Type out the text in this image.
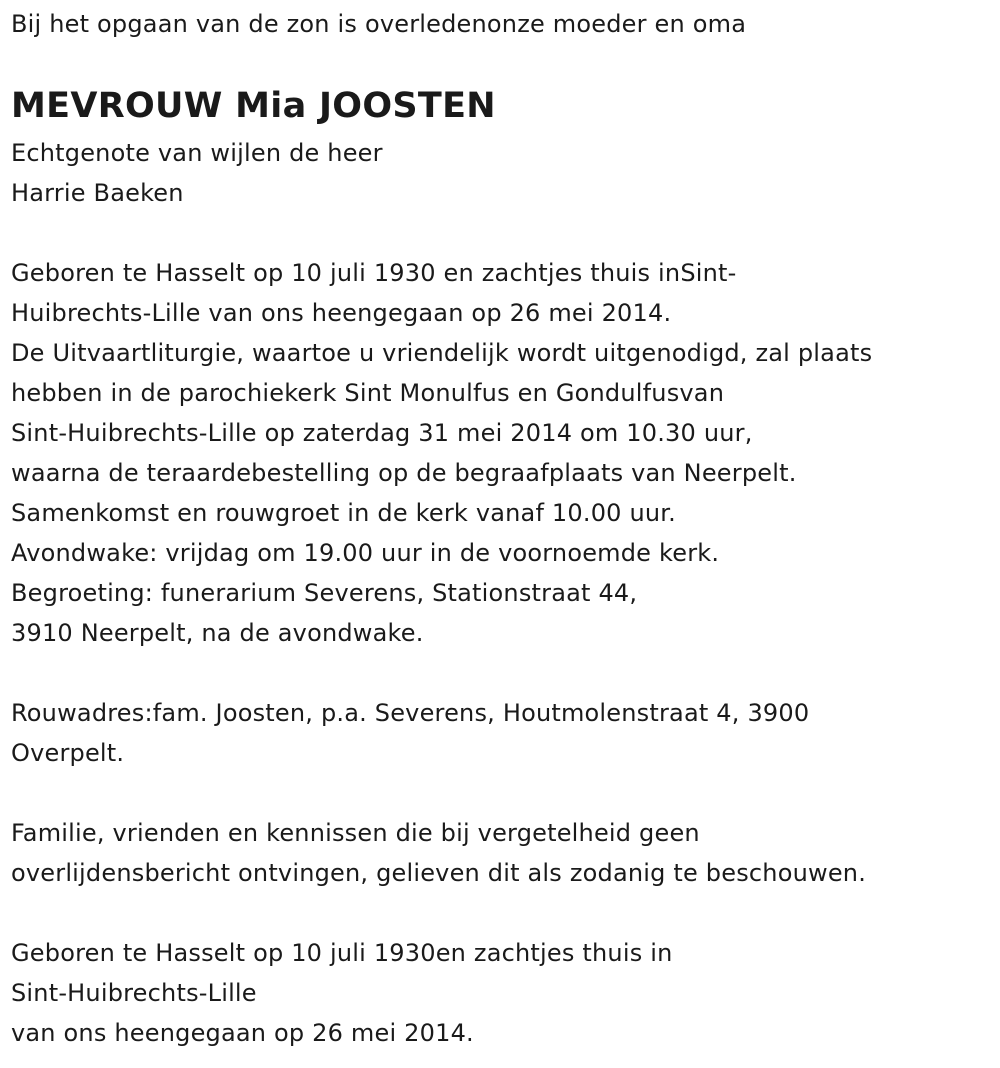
Bij het opgaan van de zon is overledenonze moeder en oma
MEVROUW Mia JOOSTEN
Echtgenote van wijlen de heer
Harrie Baeken
Geboren te Hasselt op 10 juli 1930 en zachtjes thuis inSint-
Huibrechts-Lille van ons heengegaan op 26 mei 2014.
De Uitvaartliturgie, waartoe u vriendelijk wordt uitgenodigd, zal plaats
hebben in de parochiekerk Sint Monulfus en Gondulfusvan
Sint-Huibrechts-Lille op zaterdag 31 mei 2014 om 10.30 uur,
waarna de teraardebestelling op de begraafplaats van Neerpelt.
Samenkomst en rouwgroet in de kerk vanaf 10.00 uur.
Avondwake: vrijdag om 19.00 uur in de voornoemde kerk.
Begroeting: funerarium Severens, Stationstraat 44,
3910 Neerpelt, na de avondwake.
Rouwadres:fam. Joosten, p.a. Severens, Houtmolenstraat 4, 3900
Overpelt.
Familie, vrienden en kennissen die bij vergetelheid geen
overlijdensbericht ontvingen, gelieven dit als zodanig te beschouwen.
Geboren te Hasselt op 10 juli 1930en zachtjes thuis in
Sint-Huibrechts-Lille
van ons heengegaan op 26 mei 2014.
